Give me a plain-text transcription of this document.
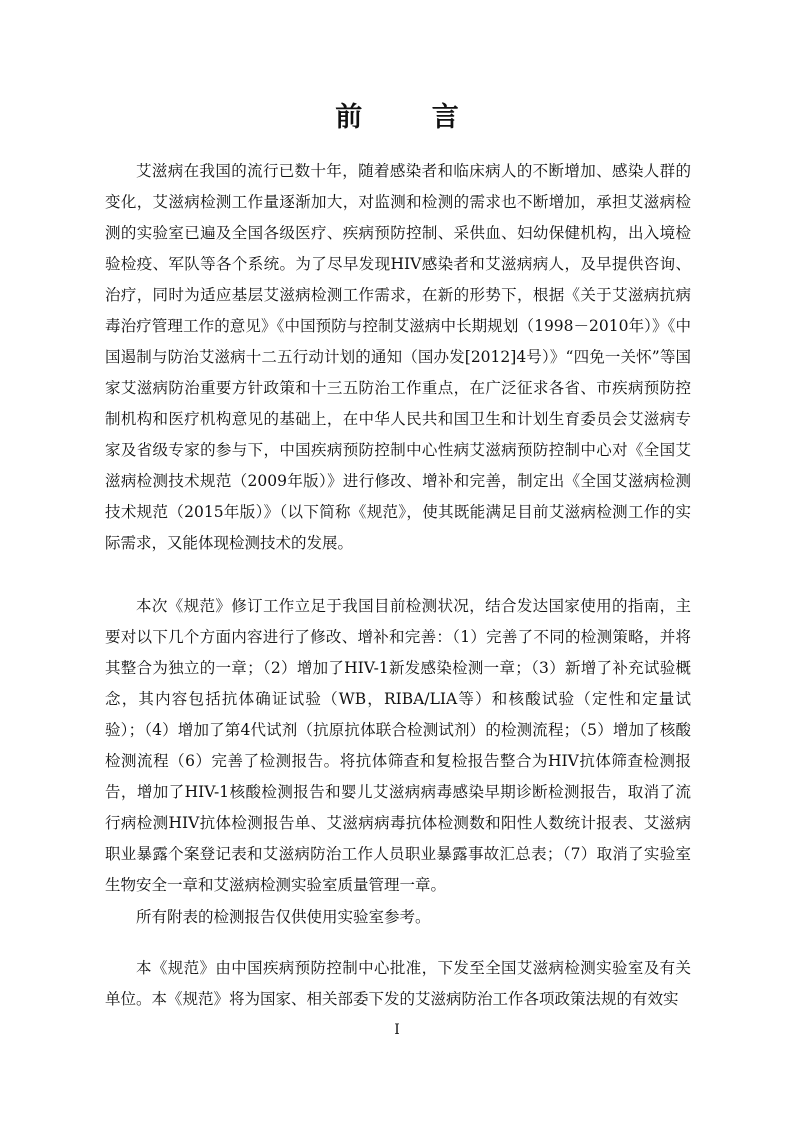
前 言

艾滋病在我国的流行已数十年，随着感染者和临床病人的不断增加、感染人群的变化，艾滋病检测工作量逐渐加大，对监测和检测的需求也不断增加，承担艾滋病检测的实验室已遍及全国各级医疗、疾病预防控制、采供血、妇幼保健机构，出入境检验检疫、军队等各个系统。为了尽早发现HIV感染者和艾滋病病人，及早提供咨询、治疗，同时为适应基层艾滋病检测工作需求，在新的形势下，根据《关于艾滋病抗病毒治疗管理工作的意见》《中国预防与控制艾滋病中长期规划（1998－2010年）》《中国遏制与防治艾滋病十二五行动计划的通知（国办发[2012]4号）》“四免一关怀”等国家艾滋病防治重要方针政策和十三五防治工作重点，在广泛征求各省、市疾病预防控制机构和医疗机构意见的基础上，在中华人民共和国卫生和计划生育委员会艾滋病专家及省级专家的参与下，中国疾病预防控制中心性病艾滋病预防控制中心对《全国艾滋病检测技术规范（2009年版）》进行修改、增补和完善，制定出《全国艾滋病检测技术规范（2015年版）》（以下简称《规范》，使其既能满足目前艾滋病检测工作的实际需求，又能体现检测技术的发展。

本次《规范》修订工作立足于我国目前检测状况，结合发达国家使用的指南，主要对以下几个方面内容进行了修改、增补和完善：（1）完善了不同的检测策略，并将其整合为独立的一章；（2）增加了HIV-1新发感染检测一章；（3）新增了补充试验概念，其内容包括抗体确证试验（WB，RIBA/LIA等）和核酸试验（定性和定量试验）；（4）增加了第4代试剂（抗原抗体联合检测试剂）的检测流程；（5）增加了核酸检测流程（6）完善了检测报告。将抗体筛查和复检报告整合为HIV抗体筛查检测报告，增加了HIV-1核酸检测报告和婴儿艾滋病病毒感染早期诊断检测报告，取消了流行病检测HIV抗体检测报告单、艾滋病病毒抗体检测数和阳性人数统计报表、艾滋病职业暴露个案登记表和艾滋病防治工作人员职业暴露事故汇总表；（7）取消了实验室生物安全一章和艾滋病检测实验室质量管理一章。

所有附表的检测报告仅供使用实验室参考。

本《规范》由中国疾病预防控制中心批准，下发至全国艾滋病检测实验室及有关单位。本《规范》将为国家、相关部委下发的艾滋病防治工作各项政策法规的有效实

I
